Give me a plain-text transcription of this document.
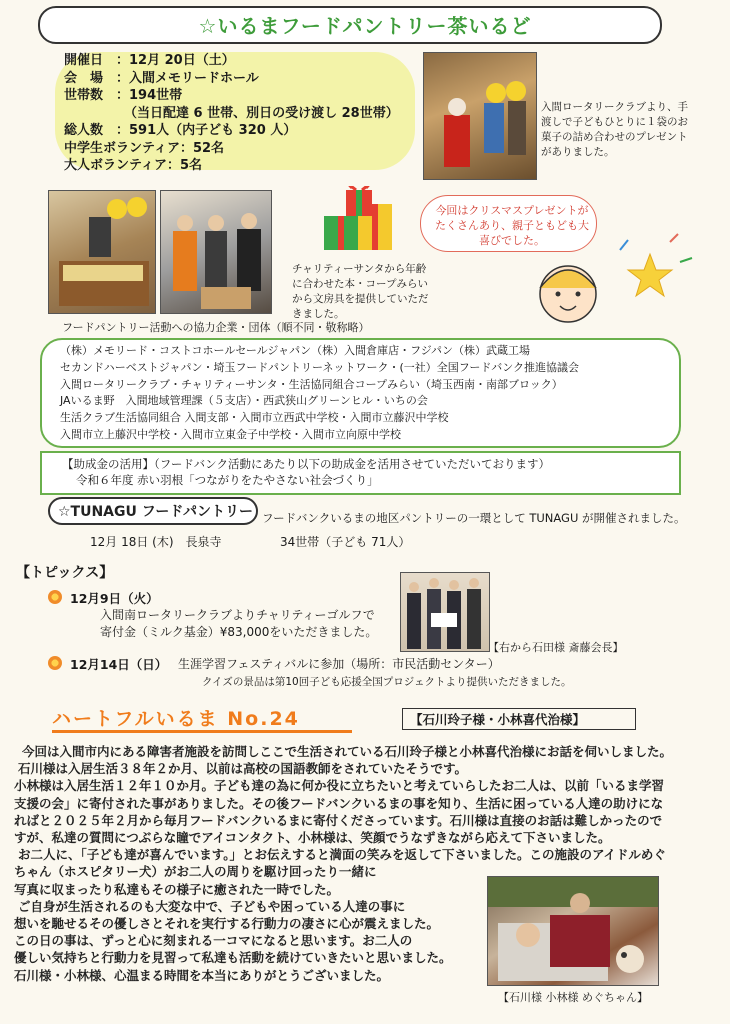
☆いるまフードパントリー茶いるど
開催日 ：12月 20日（土）
会　場 ：入間メモリードホール
世帯数 ：194世帯
（当日配達 6 世帯、別日の受け渡し 28世帯）
総人数 ：591人（内子ども 320 人）
中学生ボランティア：52名
大人ボランティア：5名
入間ロータリークラブより、手渡しで子どもひとりに１袋のお菓子の詰め合わせのプレゼントがありました。
チャリティーサンタから年齢に合わせた本・コープみらいから文房具を提供していただきました。
今回はクリスマスプレゼントがたくさんあり、親子ともども大喜びでした。
フードパントリー活動への協力企業・団体（順不同・敬称略）
（株）メモリード・コストコホールセールジャパン（株）入間倉庫店・フジパン（株）武蔵工場
セカンドハーベストジャパン・埼玉フードパントリーネットワーク・(一社）全国フードバンク推進協議会
入間ロータリークラブ・チャリティーサンタ・生活協同組合コープみらい（埼玉西南・南部ブロック）
JAいるま野　入間地域管理課（５支店）・西武狭山グリーンヒル・いちの会
生活クラブ生活協同組合 入間支部・入間市立西武中学校・入間市立藤沢中学校
入間市立上藤沢中学校・入間市立東金子中学校・入間市立向原中学校
【助成金の活用】（フードバンク活動にあたり以下の助成金を活用させていただいております）
令和６年度 赤い羽根「つながりをたやさない社会づくり」
☆TUNAGU フードパントリー フードバンクいるまの地区パントリーの一環として TUNAGU が開催されました。
12月 18日 (木)　長泉寺	34世帯（子ども 71人）
【トピックス】
12月9日（火）
入間南ロータリークラブよりチャリティーゴルフで
寄付金（ミルク基金）¥83,000をいただきました。
【右から石田様 斎藤会長】
12月14日（日） 生涯学習フェスティバルに参加（場所：市民活動センター）
クイズの景品は第10回子ども応援全国プロジェクトより提供いただきました。
ハートフルいるま No.24	【石川玲子様・小林喜代治様】
今回は入間市内にある障害者施設を訪問しここで生活されている石川玲子様と小林喜代治様にお話を伺いしました。
石川様は入居生活３８年２か月、以前は高校の国語教師をされていたそうです。
小林様は入居生活１２年１０か月。子ども達の為に何か役に立ちたいと考えていらしたお二人は、以前「いるま学習
支援の会」に寄付された事がありました。その後フードバンクいるまの事を知り、生活に困っている人達の助けにな
ればと２０２５年２月から毎月フードバンクいるまに寄付くださっています。石川様は直接のお話は難しかったので
すが、私達の質問につぶらな瞳でアイコンタクト、小林様は、笑顔でうなずきながら応えて下さいました。
お二人に、「子ども達が喜んでいます。」とお伝えすると満面の笑みを返して下さいました。この施設のアイドルめぐ
ちゃん（ホスピタリー犬）がお二人の周りを駆け回ったり一緒に
写真に収まったり私達もその様子に癒された一時でした。
ご自身が生活されるのも大変な中で、子どもや困っている人達の事に
想いを馳せるその優しさとそれを実行する行動力の凄さに心が震えました。
この日の事は、ずっと心に刻まれる一コマになると思います。お二人の
優しい気持ちと行動力を見習って私達も活動を続けていきたいと思いました。
石川様・小林様、心温まる時間を本当にありがとうございました。
【石川様 小林様 めぐちゃん】
